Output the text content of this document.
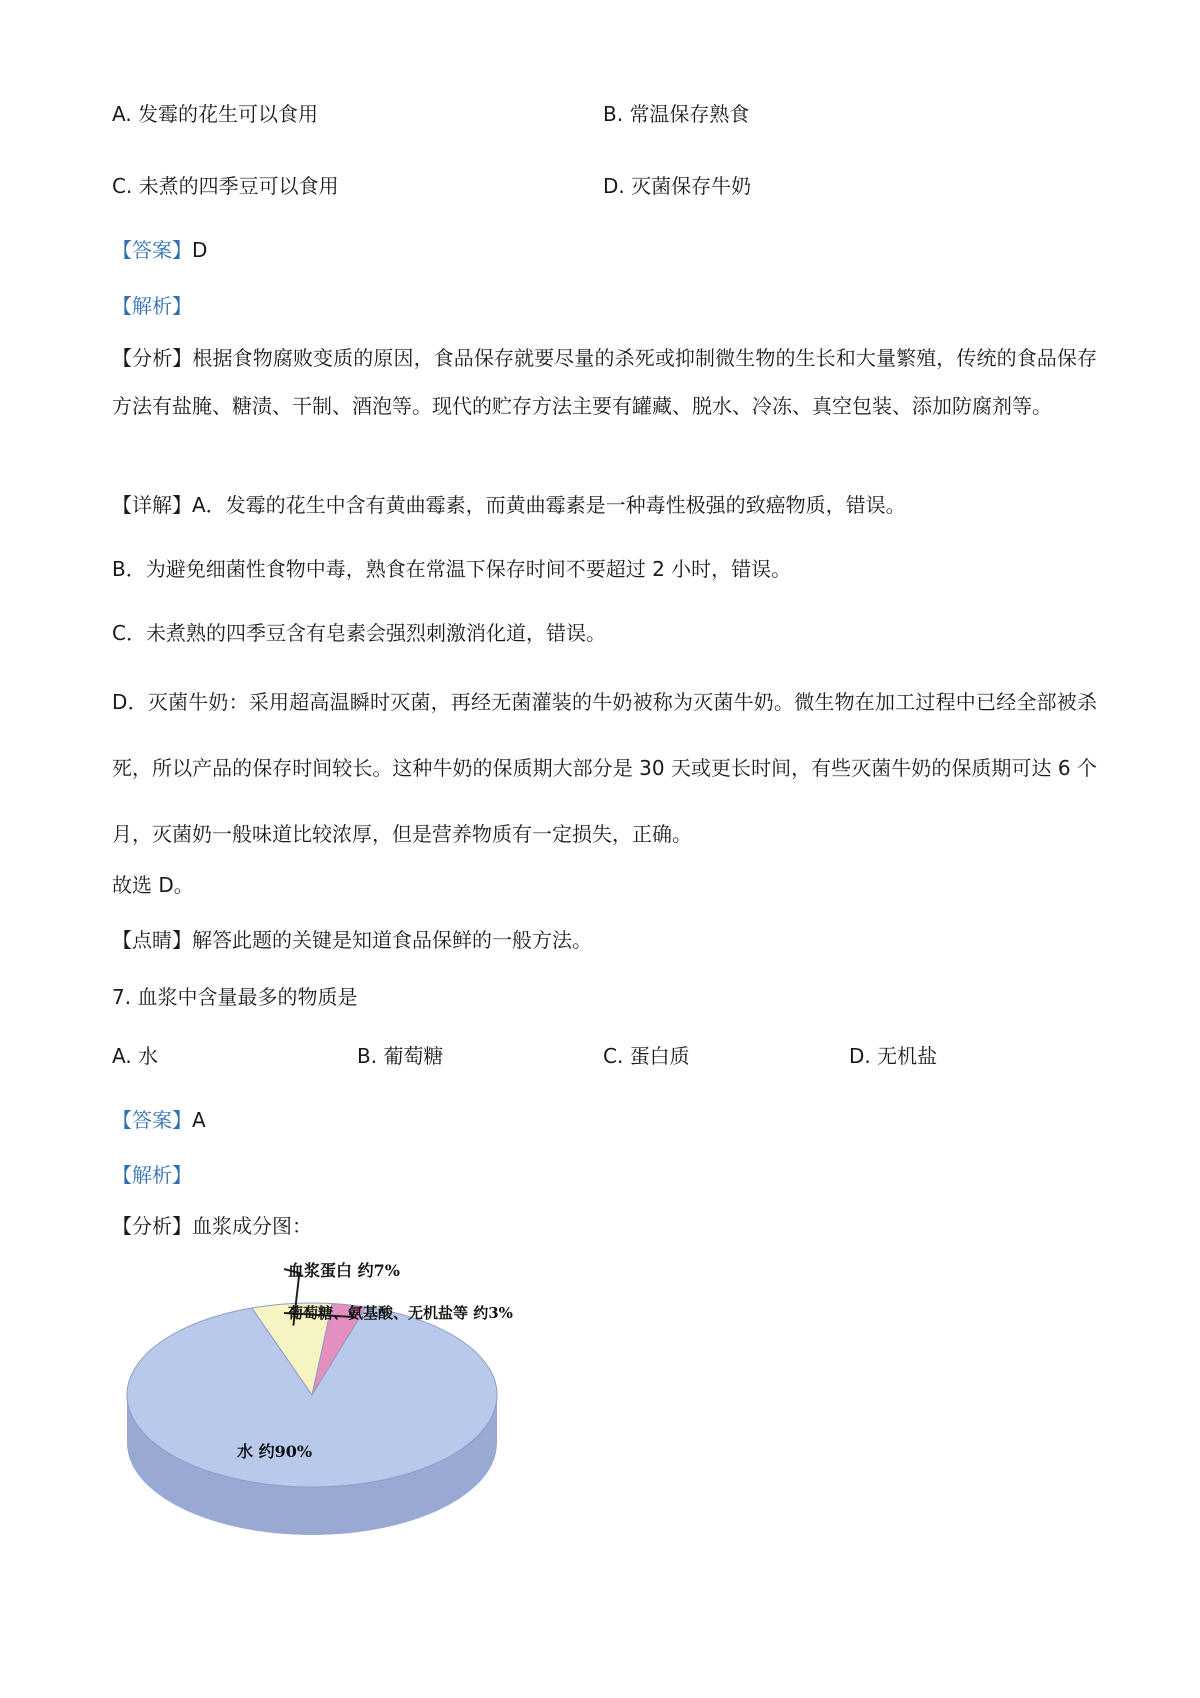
A. 发霉的花生可以食用	B. 常温保存熟食
C. 未煮的四季豆可以食用	D. 灭菌保存牛奶
【答案】D
【解析】
【分析】根据食物腐败变质的原因，食品保存就要尽量的杀死或抑制微生物的生长和大量繁殖，传统的食品保存方法有盐腌、糖渍、干制、酒泡等。现代的贮存方法主要有罐藏、脱水、冷冻、真空包装、添加防腐剂等。
【详解】A．发霉的花生中含有黄曲霉素，而黄曲霉素是一种毒性极强的致癌物质，错误。
B．为避免细菌性食物中毒，熟食在常温下保存时间不要超过 2 小时，错误。
C．未煮熟的四季豆含有皂素会强烈刺激消化道，错误。
D．灭菌牛奶：采用超高温瞬时灭菌，再经无菌灌装的牛奶被称为灭菌牛奶。微生物在加工过程中已经全部被杀死，所以产品的保存时间较长。这种牛奶的保质期大部分是 30 天或更长时间，有些灭菌牛奶的保质期可达 6 个月，灭菌奶一般味道比较浓厚，但是营养物质有一定损失，正确。
故选 D。
【点睛】解答此题的关键是知道食品保鲜的一般方法。
7. 血浆中含量最多的物质是
A. 水	B. 葡萄糖	C. 蛋白质	D. 无机盐
【答案】A
【解析】
【分析】血浆成分图：
血浆蛋白 约7%
葡萄糖、氨基酸、无机盐等 约3%
水 约90%
